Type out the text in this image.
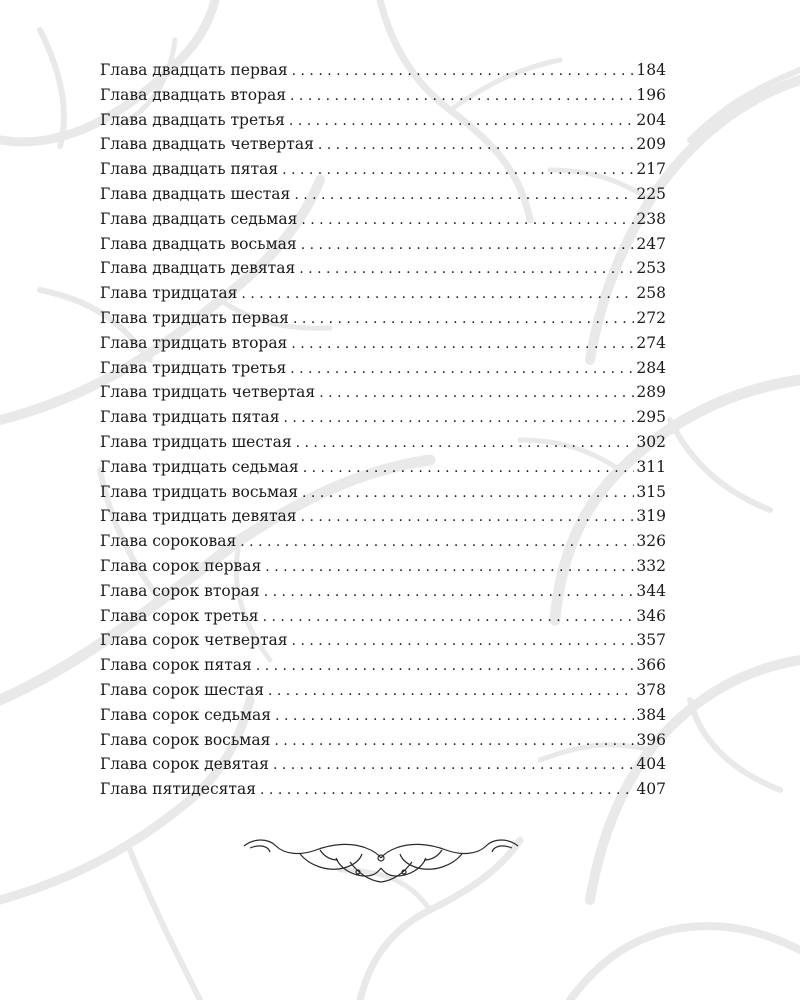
Глава двадцать первая . . .	184
Глава двадцать вторая . . .	196
Глава двадцать третья . . .	204
Глава двадцать четвертая . . .	209
Глава двадцать пятая . . .	217
Глава двадцать шестая . . .	225
Глава двадцать седьмая . . .	238
Глава двадцать восьмая . . .	247
Глава двадцать девятая . . .	253
Глава тридцатая . . .	258
Глава тридцать первая . . .	272
Глава тридцать вторая . . .	274
Глава тридцать третья . . .	284
Глава тридцать четвертая . . .	289
Глава тридцать пятая . . .	295
Глава тридцать шестая . . .	302
Глава тридцать седьмая . . .	311
Глава тридцать восьмая . . .	315
Глава тридцать девятая . . .	319
Глава сороковая . . .	326
Глава сорок первая . . .	332
Глава сорок вторая . . .	344
Глава сорок третья . . .	346
Глава сорок четвертая . . .	357
Глава сорок пятая . . .	366
Глава сорок шестая . . .	378
Глава сорок седьмая . . .	384
Глава сорок восьмая . . .	396
Глава сорок девятая . . .	404
Глава пятидесятая . . .	407
